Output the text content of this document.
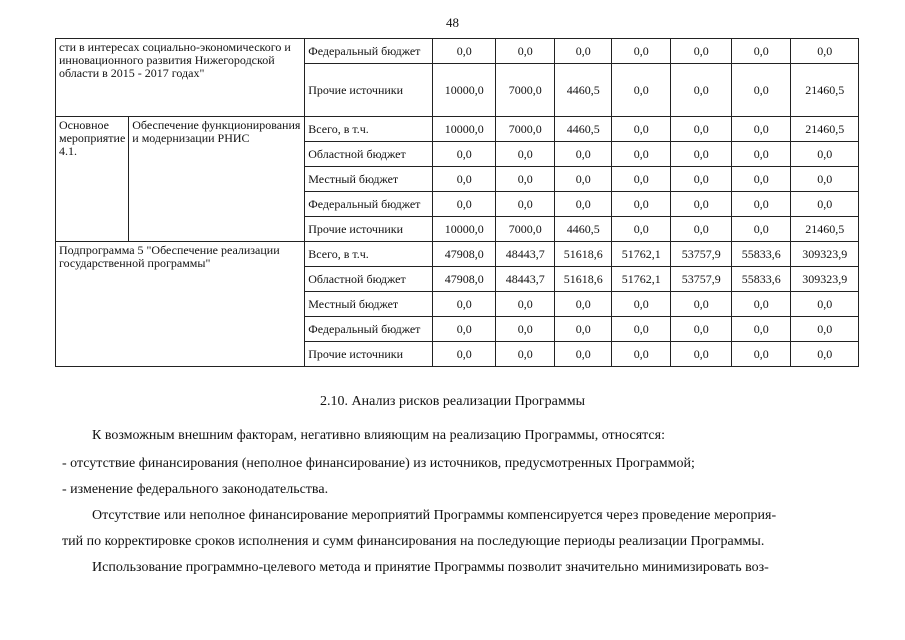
48
сти в интересах социально-экономического и инновационного развития Нижегородской области в 2015 - 2017 годах"		Федеральный бюджет	0,0	0,0	0,0	0,0	0,0	0,0	0,0
		Прочие источники	10000,0	7000,0	4460,5	0,0	0,0	0,0	21460,5
Основное мероприятие 4.1.	Обеспечение функционирования и модернизации РНИС	Всего, в т.ч.	10000,0	7000,0	4460,5	0,0	0,0	0,0	21460,5
		Областной бюджет	0,0	0,0	0,0	0,0	0,0	0,0	0,0
		Местный бюджет	0,0	0,0	0,0	0,0	0,0	0,0	0,0
		Федеральный бюджет	0,0	0,0	0,0	0,0	0,0	0,0	0,0
		Прочие источники	10000,0	7000,0	4460,5	0,0	0,0	0,0	21460,5
Подпрограмма 5 "Обеспечение реализации государственной программы"		Всего, в т.ч.	47908,0	48443,7	51618,6	51762,1	53757,9	55833,6	309323,9
		Областной бюджет	47908,0	48443,7	51618,6	51762,1	53757,9	55833,6	309323,9
		Местный бюджет	0,0	0,0	0,0	0,0	0,0	0,0	0,0
		Федеральный бюджет	0,0	0,0	0,0	0,0	0,0	0,0	0,0
		Прочие источники	0,0	0,0	0,0	0,0	0,0	0,0	0,0
2.10. Анализ рисков реализации Программы
К возможным внешним факторам, негативно влияющим на реализацию Программы, относятся:
- отсутствие финансирования (неполное финансирование) из источников, предусмотренных Программой;
- изменение федерального законодательства.
Отсутствие или неполное финансирование мероприятий Программы компенсируется через проведение мероприя-
тий по корректировке сроков исполнения и сумм финансирования на последующие периоды реализации Программы.
Использование программно-целевого метода и принятие Программы позволит значительно минимизировать воз-
